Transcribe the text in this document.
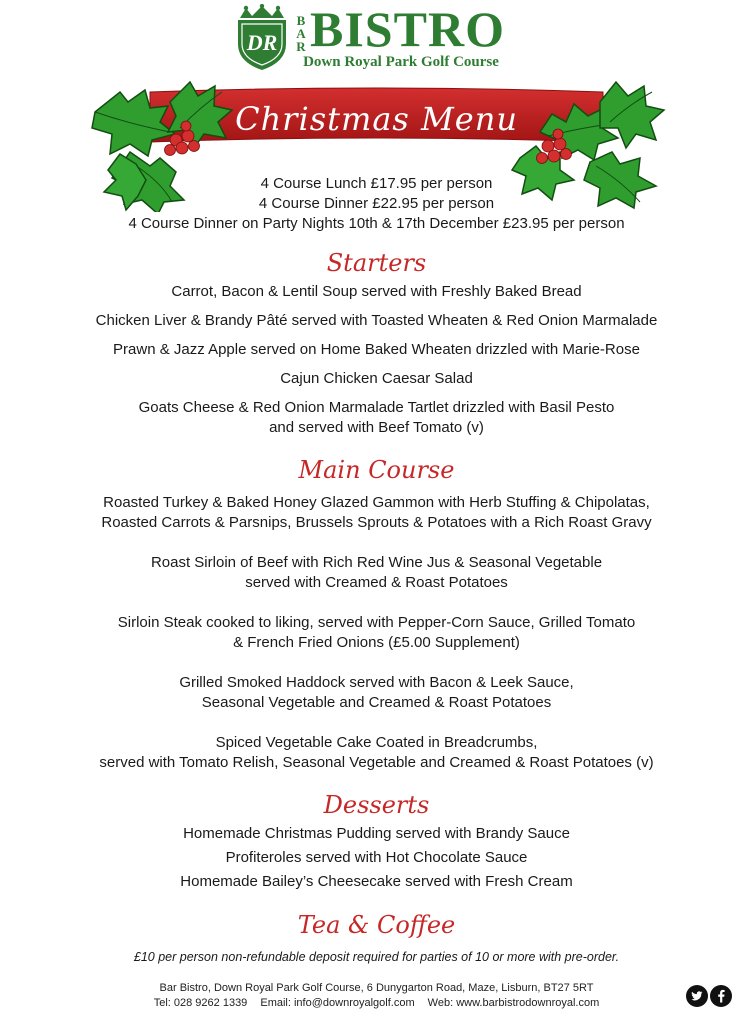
DR
B
A
R BISTRO
Down Royal Park Golf Course
Christmas Menu
4 Course Lunch £17.95 per person
4 Course Dinner £22.95 per person
4 Course Dinner on Party Nights 10th & 17th December £23.95 per person
Starters
Carrot, Bacon & Lentil Soup served with Freshly Baked Bread
Chicken Liver & Brandy Pâté served with Toasted Wheaten & Red Onion Marmalade
Prawn & Jazz Apple served on Home Baked Wheaten drizzled with Marie-Rose
Cajun Chicken Caesar Salad
Goats Cheese & Red Onion Marmalade Tartlet drizzled with Basil Pesto
and served with Beef Tomato (v)
Main Course
Roasted Turkey & Baked Honey Glazed Gammon with Herb Stuffing & Chipolatas,
Roasted Carrots & Parsnips, Brussels Sprouts & Potatoes with a Rich Roast Gravy
Roast Sirloin of Beef with Rich Red Wine Jus & Seasonal Vegetable
served with Creamed & Roast Potatoes
Sirloin Steak cooked to liking, served with Pepper-Corn Sauce, Grilled Tomato
& French Fried Onions (£5.00 Supplement)
Grilled Smoked Haddock served with Bacon & Leek Sauce,
Seasonal Vegetable and Creamed & Roast Potatoes
Spiced Vegetable Cake Coated in Breadcrumbs,
served with Tomato Relish, Seasonal Vegetable and Creamed & Roast Potatoes (v)
Desserts
Homemade Christmas Pudding served with Brandy Sauce
Profiteroles served with Hot Chocolate Sauce
Homemade Bailey’s Cheesecake served with Fresh Cream
Tea & Coffee
£10 per person non-refundable deposit required for parties of 10 or more with pre-order.
Bar Bistro, Down Royal Park Golf Course, 6 Dunygarton Road, Maze, Lisburn, BT27 5RT
Tel: 028 9262 1339 Email: info@downroyalgolf.com Web: www.barbistrodownroyal.com
